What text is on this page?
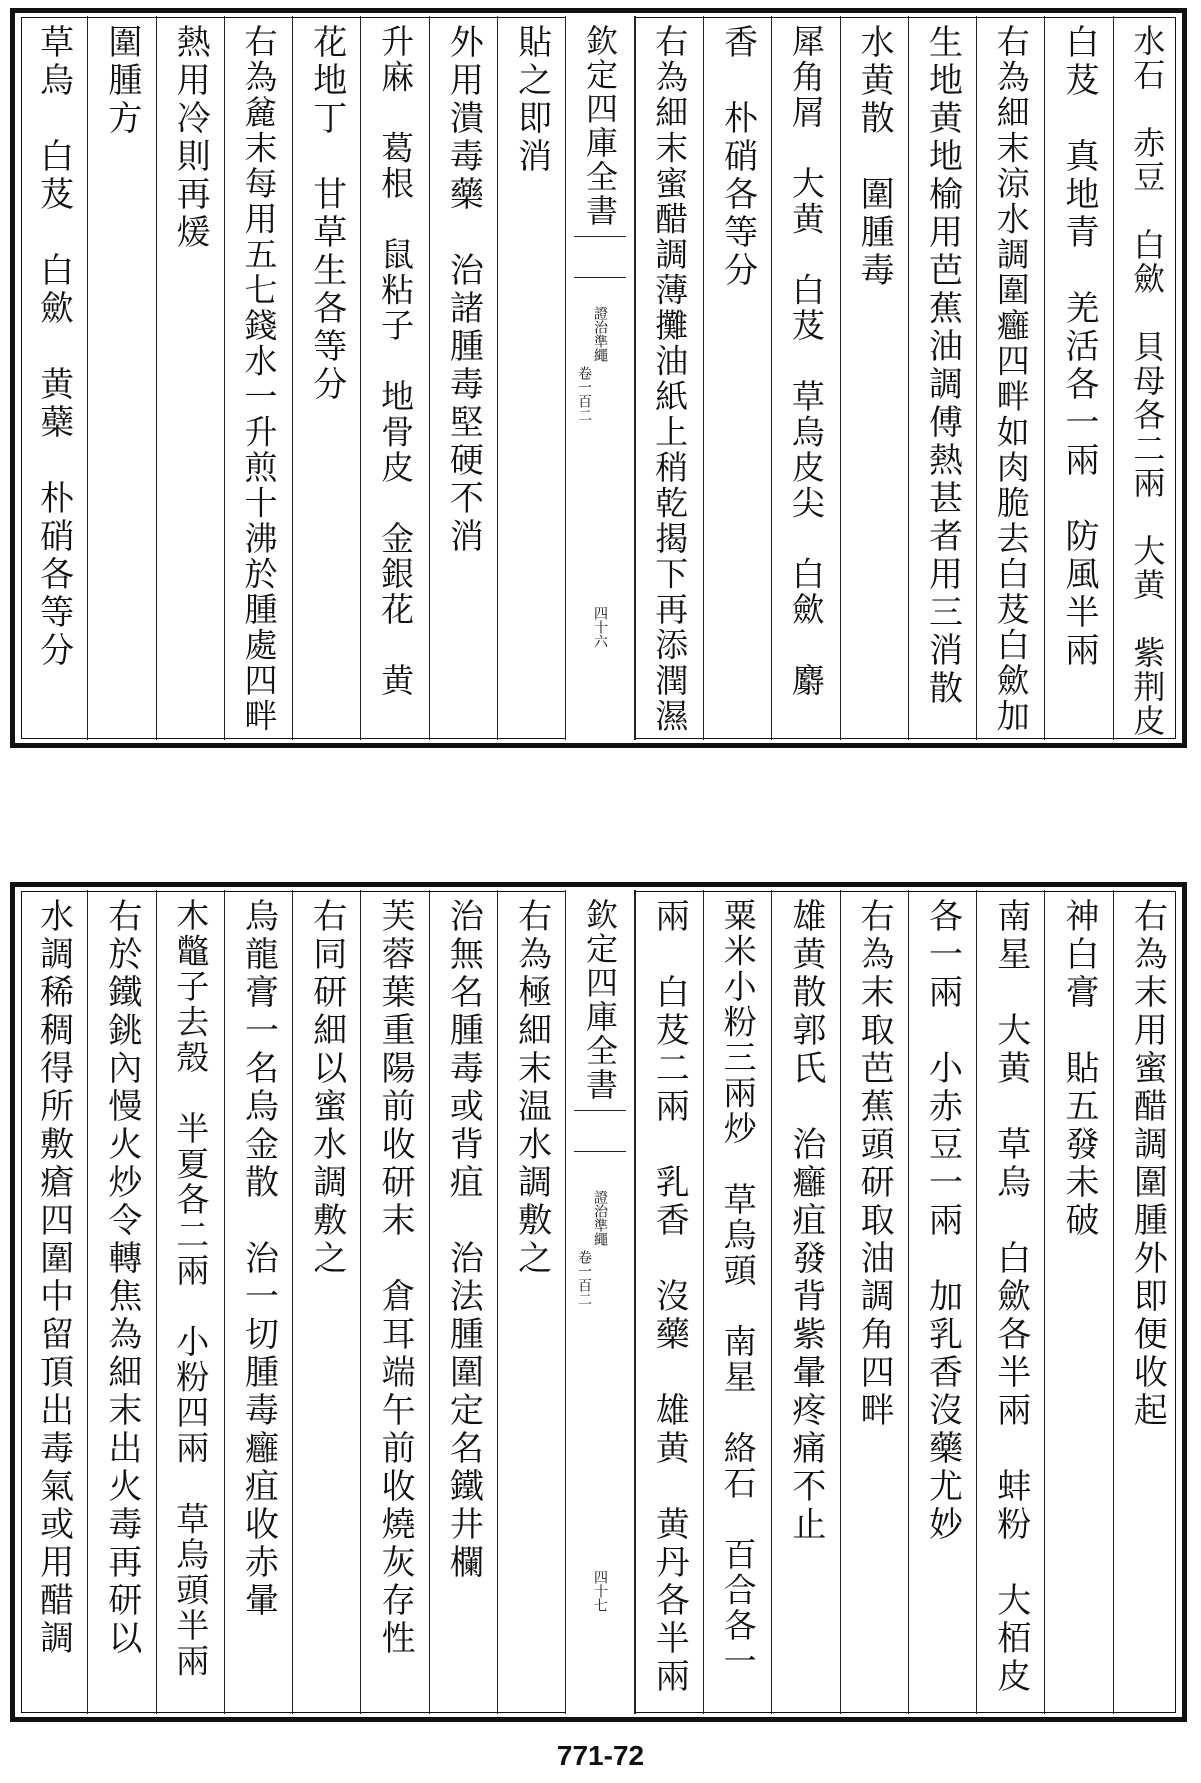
水石　赤豆　白歛　貝母各二兩　大黄　紫荆皮
白芨　真地青　羌活各一兩　防風半兩
右為細末涼水調圍癰四畔如肉脆去白芨白歛加
生地黄地榆用芭蕉油調傅熱甚者用三消散
水黄散　圍腫毒
犀角屑　大黄　白芨　草烏皮尖　白歛　麝
香　朴硝各等分
右為細末蜜醋調薄攤油紙上稍乾揭下再添潤濕
欽定四庫全書
證治準繩
卷一百二
四十六
貼之即消
外用潰毒藥　治諸腫毒堅硬不消
升麻　葛根　鼠粘子　地骨皮　金銀花　黄
花地丁　甘草生各等分
右為麄末每用五七錢水一升煎十沸於腫處四畔
熱用冷則再煖
圍腫方
草烏　白芨　白歛　黄蘗　朴硝各等分
右為末用蜜醋調圍腫外即便收起
神白膏　貼五發未破
南星　大黄　草烏　白歛各半兩　蚌粉　大栢皮
各一兩　小赤豆一兩　加乳香沒藥尤妙
右為末取芭蕉頭研取油調角四畔
雄黄散郭氏　治癰疽發背紫暈疼痛不止
粟米小粉三兩炒　草烏頭　南星　絡石　百合各一
兩　白芨二兩　乳香　沒藥　雄黄　黄丹各半兩
欽定四庫全書
證治準繩
卷一百二
四十七
右為極細末温水調敷之
治無名腫毒或背疽　治法腫圍定名鐵井欄
芙蓉葉重陽前收研末　倉耳端午前收燒灰存性
右同研細以蜜水調敷之
烏龍膏一名烏金散　治一切腫毒癰疽收赤暈
木鼈子去殼　半夏各二兩　小粉四兩　草烏頭半兩
右於鐵銚內慢火炒令轉焦為細末出火毒再研以
水調稀稠得所敷瘡四圍中留頂出毒氣或用醋調
771-72
